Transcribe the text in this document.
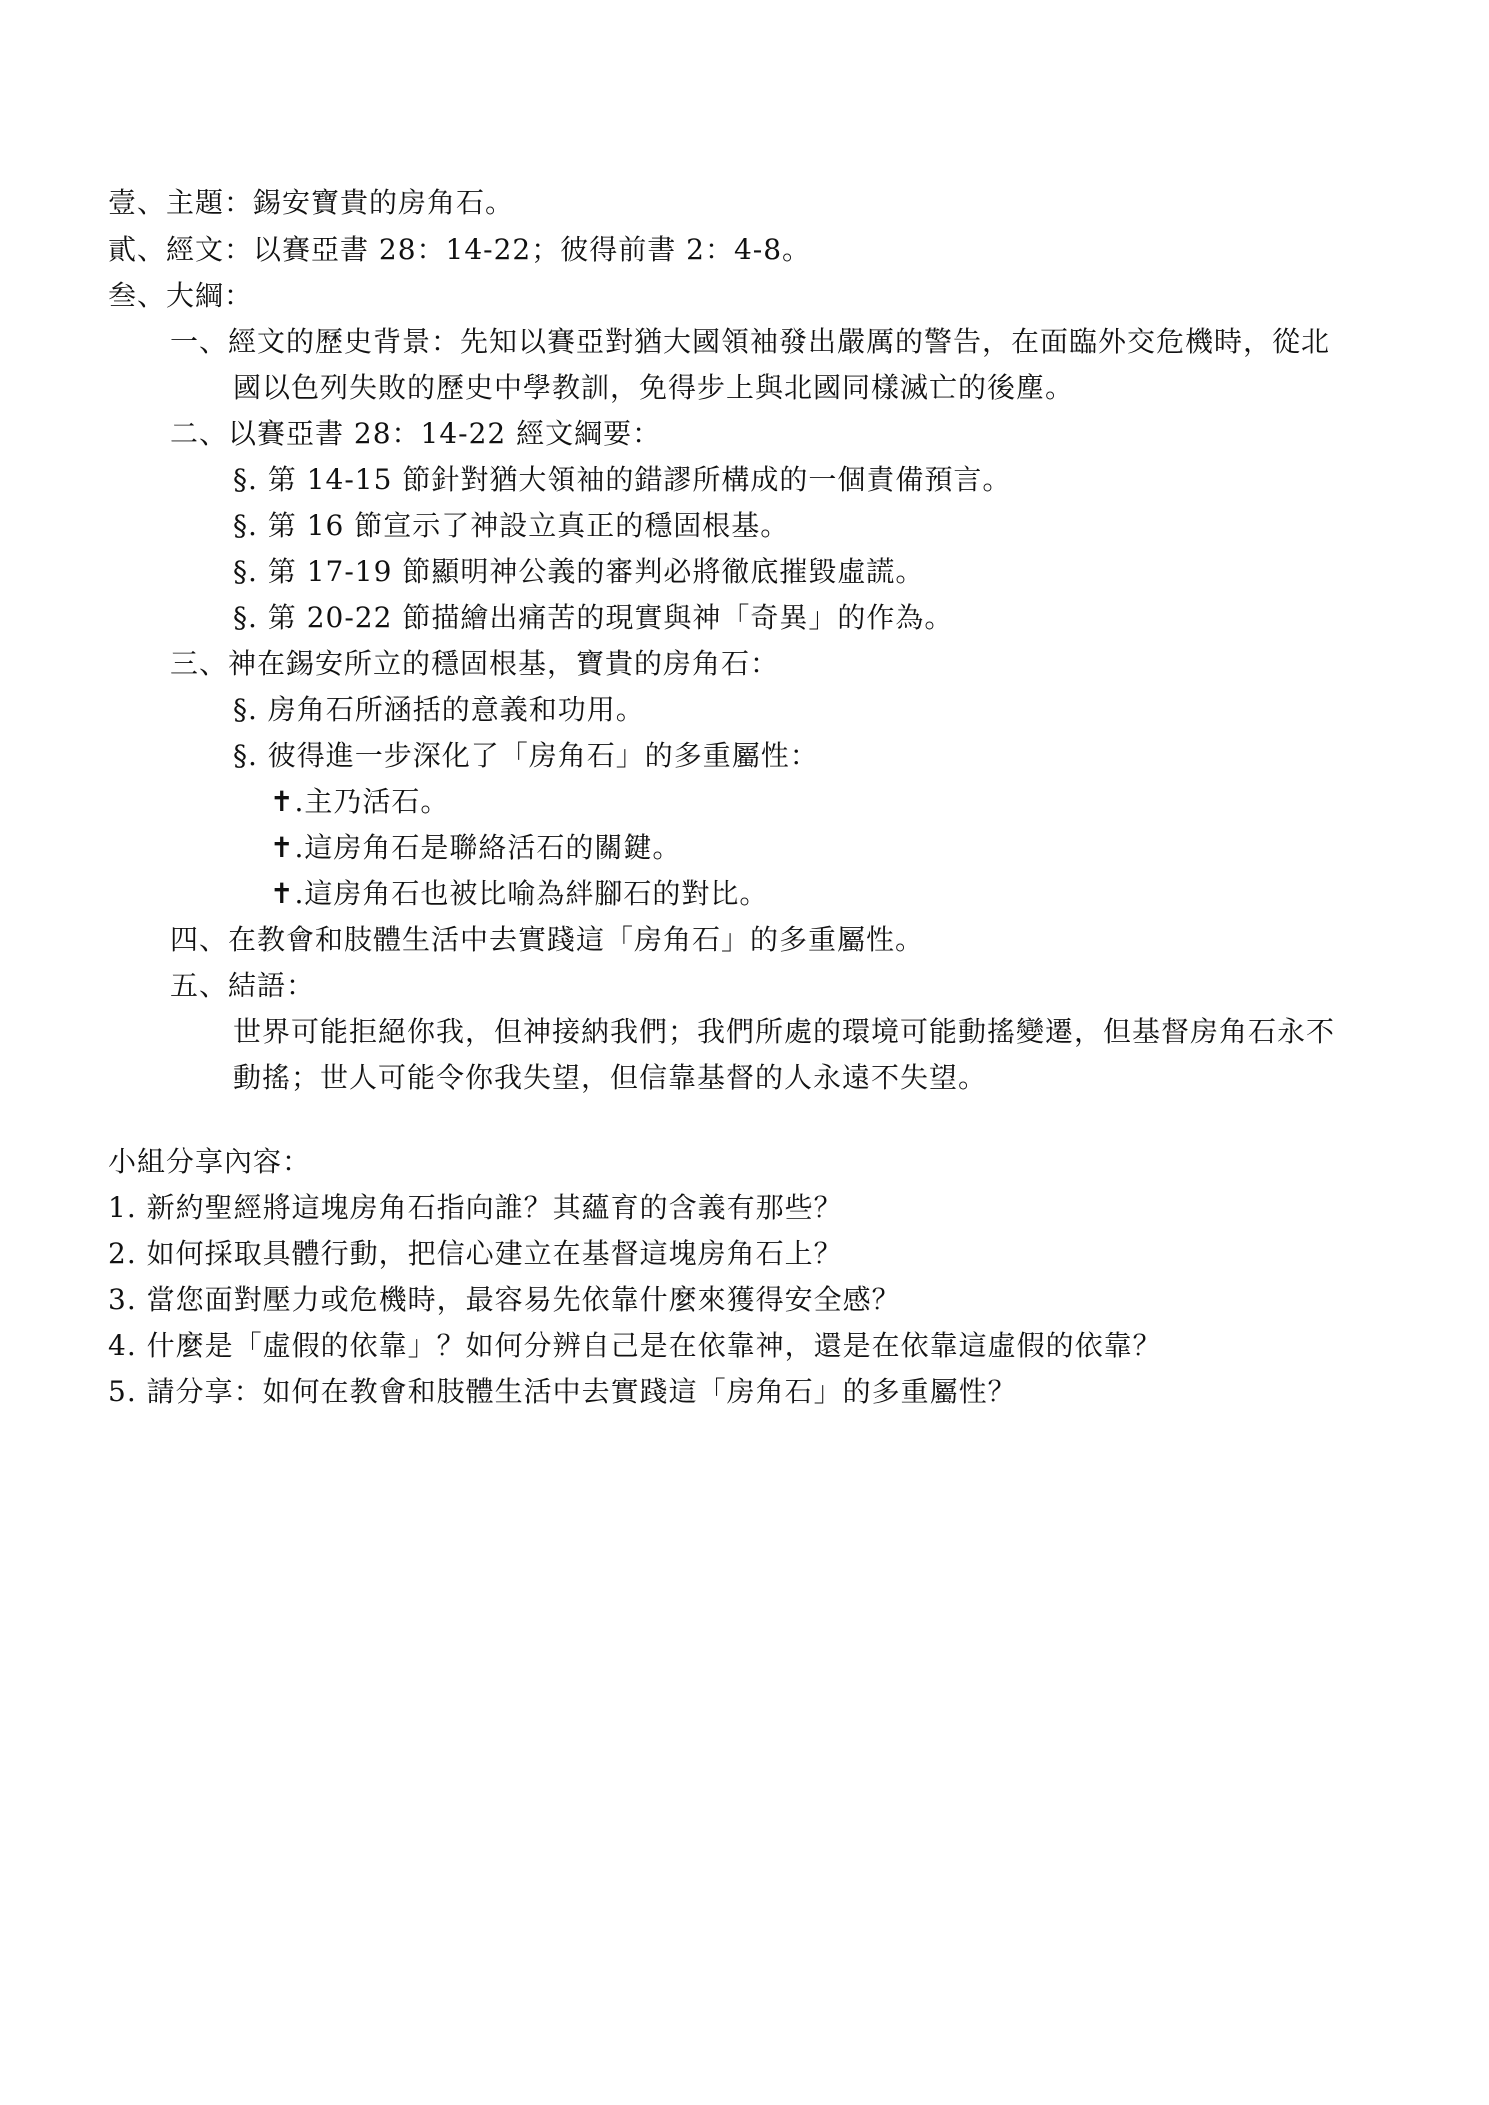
壹、主題：錫安寶貴的房角石。
貳、經文：以賽亞書 28：14-22；彼得前書 2：4-8。
叁、大綱：
一、經文的歷史背景：先知以賽亞對猶大國領袖發出嚴厲的警告，在面臨外交危機時，從北
國以色列失敗的歷史中學教訓，免得步上與北國同樣滅亡的後塵。
二、以賽亞書 28：14-22 經文綱要：
§. 第 14-15 節針對猶大領袖的錯謬所構成的一個責備預言。
§. 第 16 節宣示了神設立真正的穩固根基。
§. 第 17-19 節顯明神公義的審判必將徹底摧毀虛謊。
§. 第 20-22 節描繪出痛苦的現實與神「奇異」的作為。
三、神在錫安所立的穩固根基，寶貴的房角石：
§. 房角石所涵括的意義和功用。
§. 彼得進一步深化了「房角石」的多重屬性：
✝.主乃活石。
✝.這房角石是聯絡活石的關鍵。
✝.這房角石也被比喻為絆腳石的對比。
四、在教會和肢體生活中去實踐這「房角石」的多重屬性。
五、結語：
世界可能拒絕你我，但神接納我們；我們所處的環境可能動搖變遷，但基督房角石永不
動搖；世人可能令你我失望，但信靠基督的人永遠不失望。
小組分享內容：
1. 新約聖經將這塊房角石指向誰？其蘊育的含義有那些？
2. 如何採取具體行動，把信心建立在基督這塊房角石上？
3. 當您面對壓力或危機時，最容易先依靠什麼來獲得安全感？
4. 什麼是「虛假的依靠」？如何分辨自己是在依靠神，還是在依靠這虛假的依靠？
5. 請分享：如何在教會和肢體生活中去實踐這「房角石」的多重屬性？
